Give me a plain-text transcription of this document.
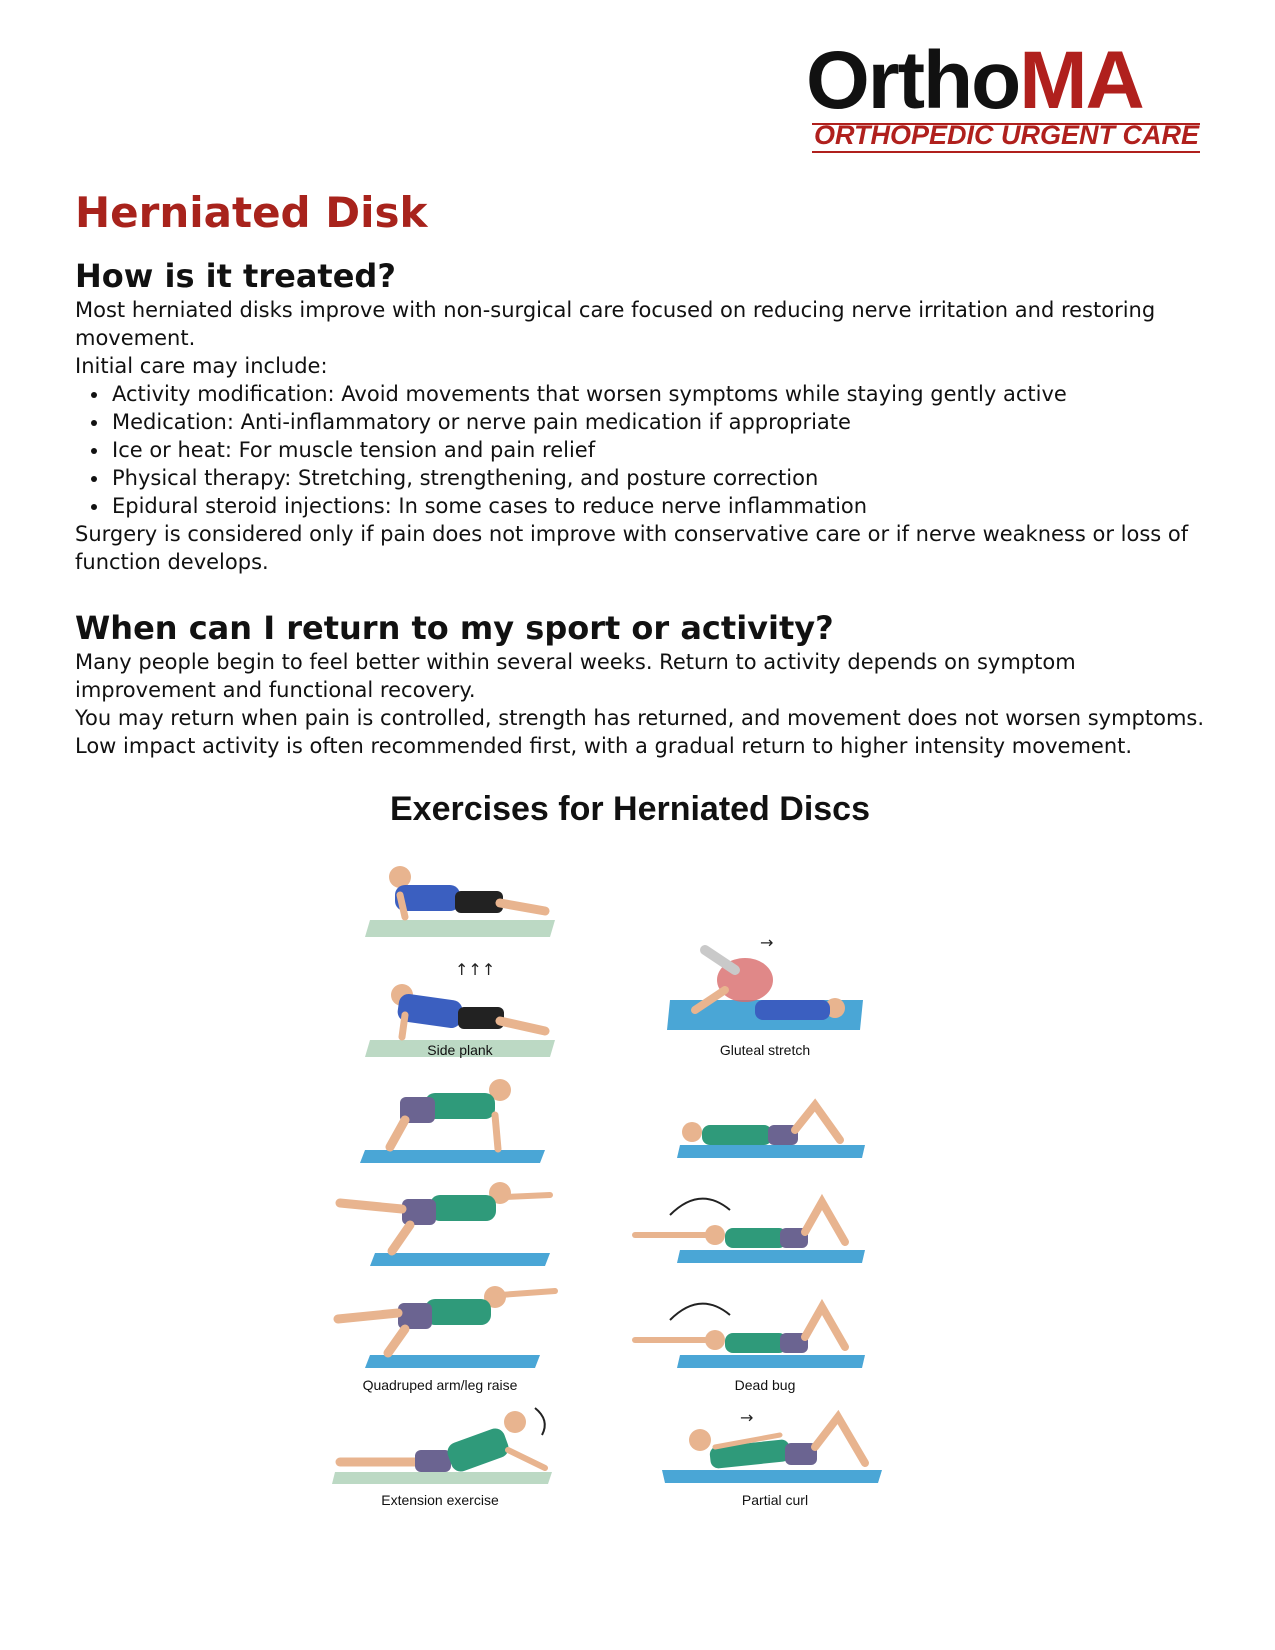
OrthoMA
ORTHOPEDIC URGENT CARE
Herniated Disk
How is it treated?

Most herniated disks improve with non-surgical care focused on reducing nerve irritation and restoring movement.

Initial care may include:

• Activity modification: Avoid movements that worsen symptoms while staying gently active
• Medication: Anti-inflammatory or nerve pain medication if appropriate
• Ice or heat: For muscle tension and pain relief
• Physical therapy: Stretching, strengthening, and posture correction
• Epidural steroid injections: In some cases to reduce nerve inflammation

Surgery is considered only if pain does not improve with conservative care or if nerve weakness or loss of function develops.

When can I return to my sport or activity?

Many people begin to feel better within several weeks. Return to activity depends on symptom improvement and functional recovery.

You may return when pain is controlled, strength has returned, and movement does not worsen symptoms. Low impact activity is often recommended first, with a gradual return to higher intensity movement.

Exercises for Herniated Discs
↑↑↑
Side plank
→
Gluteal stretch
Quadruped arm/leg raise	Dead bug
Extension exercise
→
Partial curl
